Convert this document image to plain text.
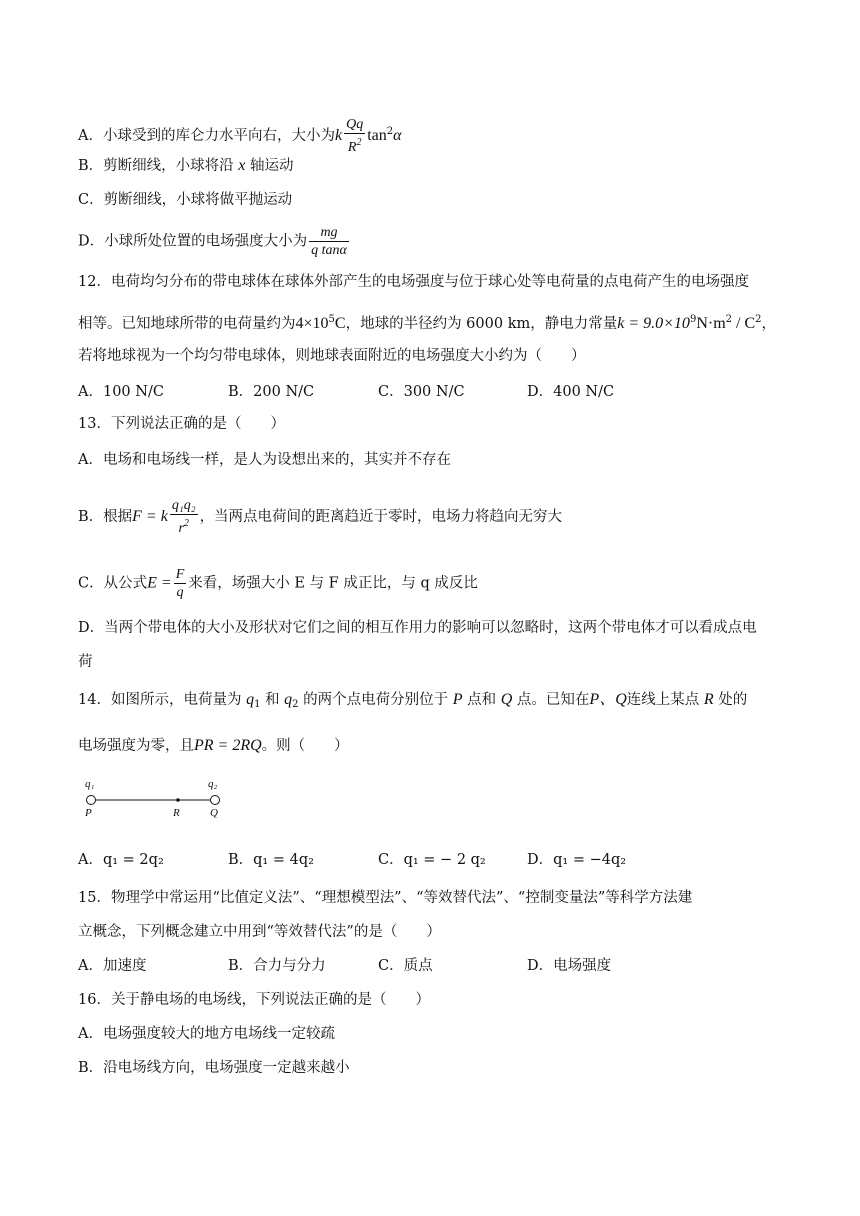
A．小球受到的库仑力水平向右，大小为k $\frac{Qq}{R^2} \tan^2\alpha$
B．剪断细线，小球将沿 x 轴运动
C．剪断细线，小球将做平抛运动
D．小球所处位置的电场强度大小为 $\frac{mg}{\text{q tanα}}$
12．电荷均匀分布的带电球体在球体外部产生的电场强度与位于球心处等电荷量的点电荷产生的电场强度
相等。已知地球所带的电荷量约为$4\times 10^5C$，地球的半径约为 6000 km，静电力常量$k = 9.0\times 10^9N\cdot m^2 / C^2$，
若将地球视为一个均匀带电球体，则地球表面附近的电场强度大小约为（　　）
A．100 N/C	B．200 N/C	C．300 N/C	D．400 N/C
13．下列说法正确的是（　　）
A．电场和电场线一样，是人为设想出来的，其实并不存在
B．根据F = k $\frac{\text{q₁q₂}}{r^2}$ ，当两点电荷间的距离趋近于零时，电场力将趋向无穷大
C．从公式$E = \frac{F}{q}$ 来看，场强大小 E 与 F 成正比，与 q 成反比
D．当两个带电体的大小及形状对它们之间的相互作用力的影响可以忽略时，这两个带电体才可以看成点电
荷
14．如图所示，电荷量为 $q_1$ 和 $q_2$ 的两个点电荷分别位于 P 点和 Q 点。已知在P、Q连线上某点 R 处的
电场强度为零，且PR = 2RQ。则（　　）
q₁	q₂
P	R	Q
A．q₁ = 2q₂	B．q₁ = 4q₂	C．q₁ = − 2 q₂	D．q₁ = −4q₂
15．物理学中常运用“比值定义法”、“理想模型法”、“等效替代法”、“控制变量法”等科学方法建
立概念，下列概念建立中用到“等效替代法”的是（　　）
A．加速度	B．合力与分力	C．质点	D．电场强度
16．关于静电场的电场线，下列说法正确的是（　　）
A．电场强度较大的地方电场线一定较疏
B．沿电场线方向，电场强度一定越来越小
